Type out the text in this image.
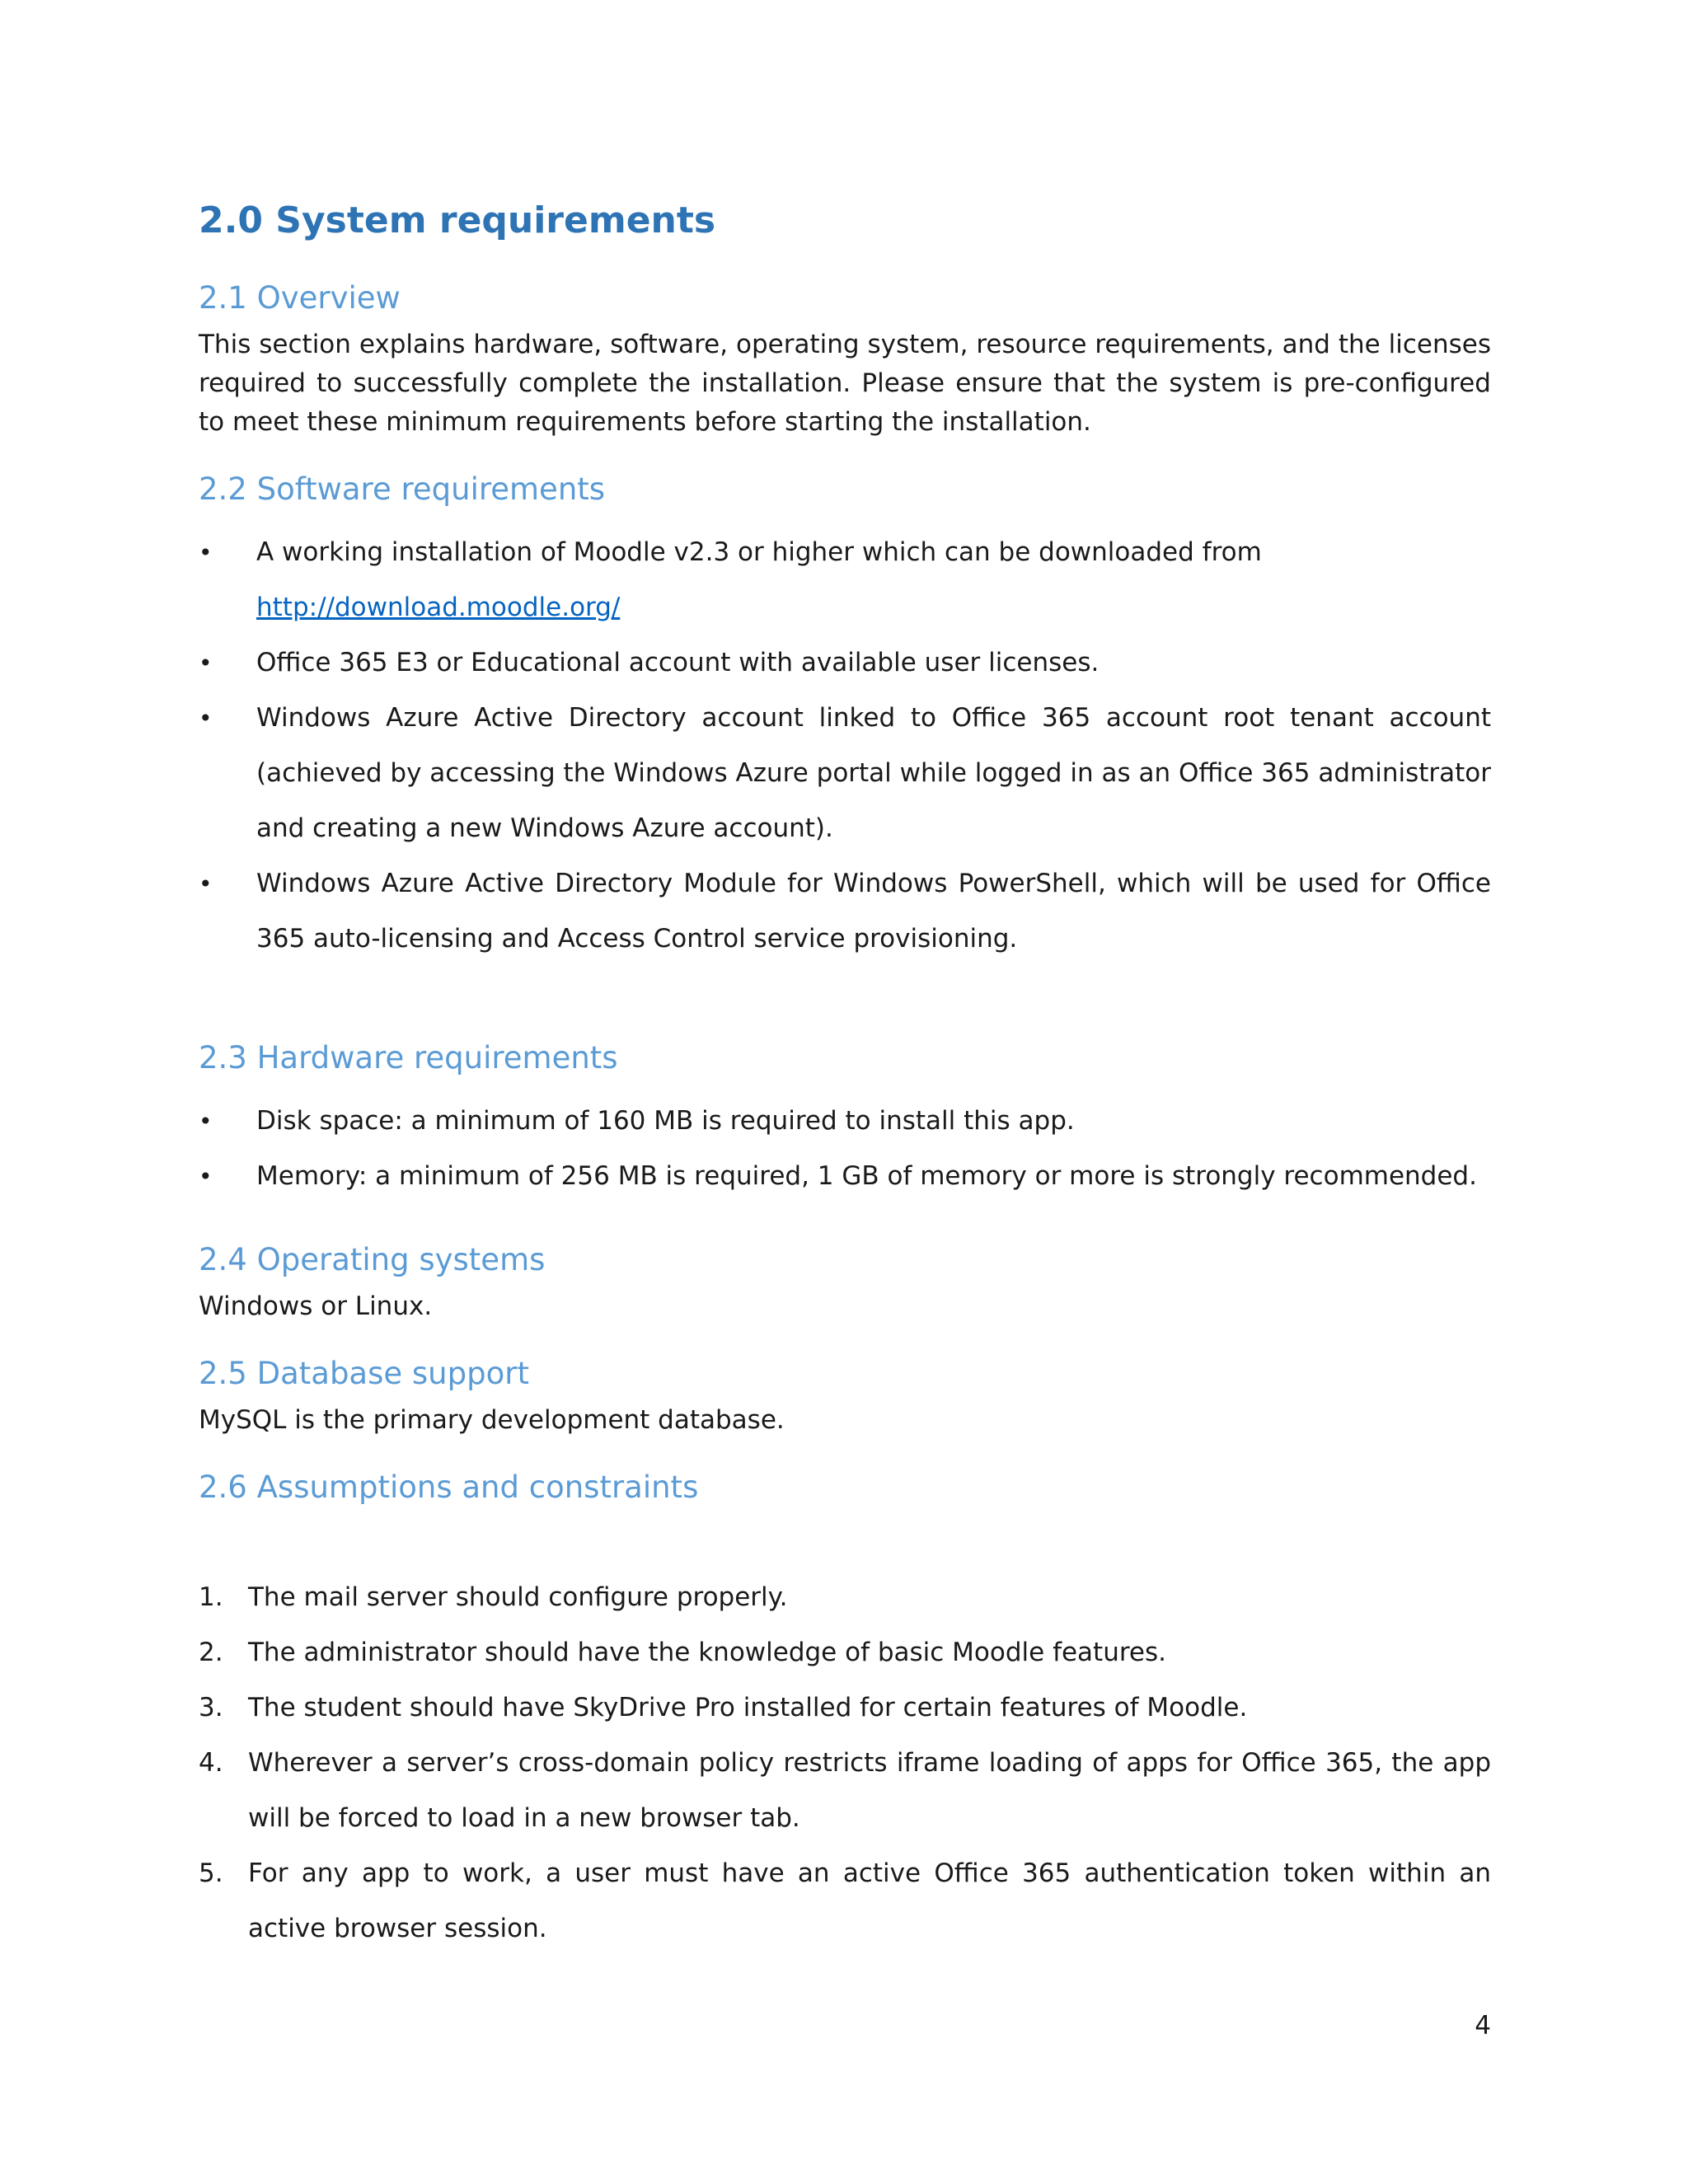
2.0 System requirements
2.1 Overview

This section explains hardware, software, operating system, resource requirements, and the licenses required to successfully complete the installation. Please ensure that the system is pre-configured to meet these minimum requirements before starting the installation.

2.2 Software requirements
• A working installation of Moodle v2.3 or higher which can be downloaded from
http://download.moodle.org/
• Office 365 E3 or Educational account with available user licenses.
• Windows Azure Active Directory account linked to Office 365 account root tenant account (achieved by accessing the Windows Azure portal while logged in as an Office 365 administrator and creating a new Windows Azure account).
• Windows Azure Active Directory Module for Windows PowerShell, which will be used for Office 365 auto-licensing and Access Control service provisioning.
2.3 Hardware requirements
• Disk space: a minimum of 160 MB is required to install this app.
• Memory: a minimum of 256 MB is required, 1 GB of memory or more is strongly recommended.
2.4 Operating systems

Windows or Linux.

2.5 Database support

MySQL is the primary development database.

2.6 Assumptions and constraints
1. The mail server should configure properly.
2. The administrator should have the knowledge of basic Moodle features.
3. The student should have SkyDrive Pro installed for certain features of Moodle.
4. Wherever a server’s cross-domain policy restricts iframe loading of apps for Office 365, the app will be forced to load in a new browser tab.
5. For any app to work, a user must have an active Office 365 authentication token within an active browser session.
4
